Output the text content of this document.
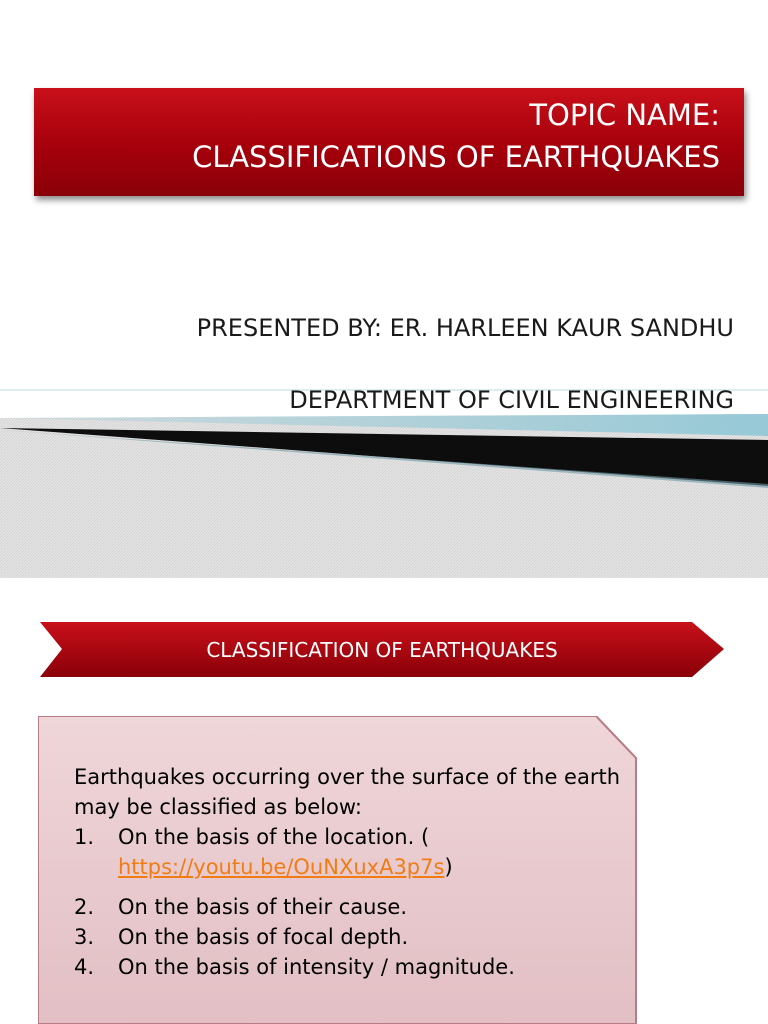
TOPIC NAME:
CLASSIFICATIONS OF EARTHQUAKES
PRESENTED BY: ER. HARLEEN KAUR SANDHU
DEPARTMENT OF CIVIL ENGINEERING
CLASSIFICATION OF EARTHQUAKES

Earthquakes occurring over the surface of the earth may be classified as below:

1.	On the basis of the location. ( https://youtu.be/OuNXuxA3p7s)
2.	On the basis of their cause.
3.	On the basis of focal depth.
4.	On the basis of intensity / magnitude.
